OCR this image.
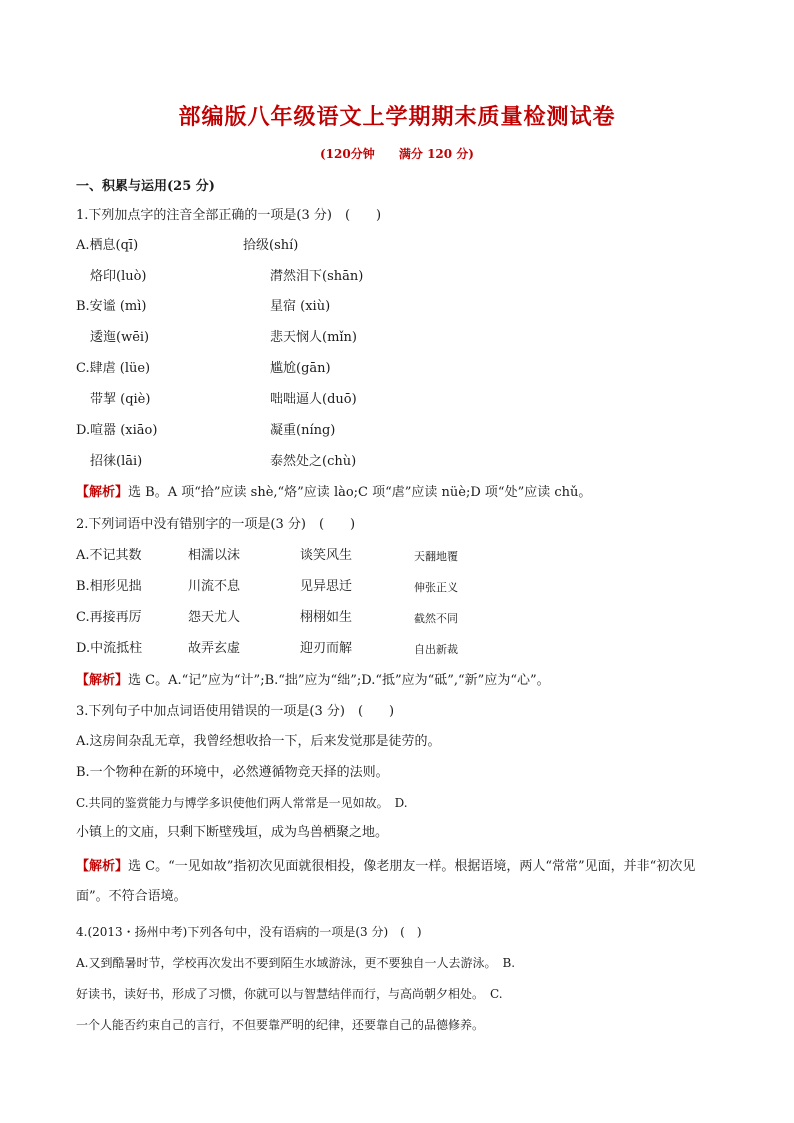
部编版八年级语文上学期期末质量检测试卷
(120分钟 满分 120 分)
一、积累与运用(25 分)
1.下列加点字的注音全部正确的一项是(3 分)　(　　)
A.栖息(qī)	拾级(shí)
烙印(luò)	潸然泪下(shān)
B.安谧 (mì)	星宿 (xiù)
逶迤(wēi)	悲天悯人(mǐn)
C.肆虐 (lüe)	尴尬(gān)
带挈 (qiè)	咄咄逼人(duō)
D.喧嚣 (xiāo)	凝重(níng)
招徕(lāi)	泰然处之(chù)
【解析】选 B。A 项“拾”应读 shè,“烙”应读 lào;C 项“虐”应读 nüè;D 项“处”应读 chǔ。
2.下列词语中没有错别字的一项是(3 分)　(　　)
A.不记其数	相濡以沫	谈笑风生	天翻地覆
B.相形见拙	川流不息	见异思迁	伸张正义
C.再接再厉	怨天尤人	栩栩如生	截然不同
D.中流抵柱	故弄玄虚	迎刃而解	自出新裁
【解析】选 C。A.“记”应为“计”;B.“拙”应为“绌”;D.“抵”应为“砥”,“新”应为“心”。
3.下列句子中加点词语使用错误的一项是(3 分)　(　　)
A.这房间杂乱无章，我曾经想收拾一下，后来发觉那是徒劳的。
B.一个物种在新的环境中，必然遵循物竞天择的法则。
C.共同的鉴赏能力与博学多识使他们两人常常是一见如故。　D.
小镇上的文庙，只剩下断壁残垣，成为鸟兽栖聚之地。
【解析】选 C。“一见如故”指初次见面就很相投，像老朋友一样。根据语境，两人“常常”见面，并非“初次见
面”。不符合语境。
4.(2013・扬州中考)下列各句中，没有语病的一项是(3 分)　(　)
A.又到酷暑时节，学校再次发出不要到陌生水域游泳，更不要独自一人去游泳。　B.
好读书，读好书，形成了习惯，你就可以与智慧结伴而行，与高尚朝夕相处。　C.
一个人能否约束自己的言行，不但要靠严明的纪律，还要靠自己的品德修养。
